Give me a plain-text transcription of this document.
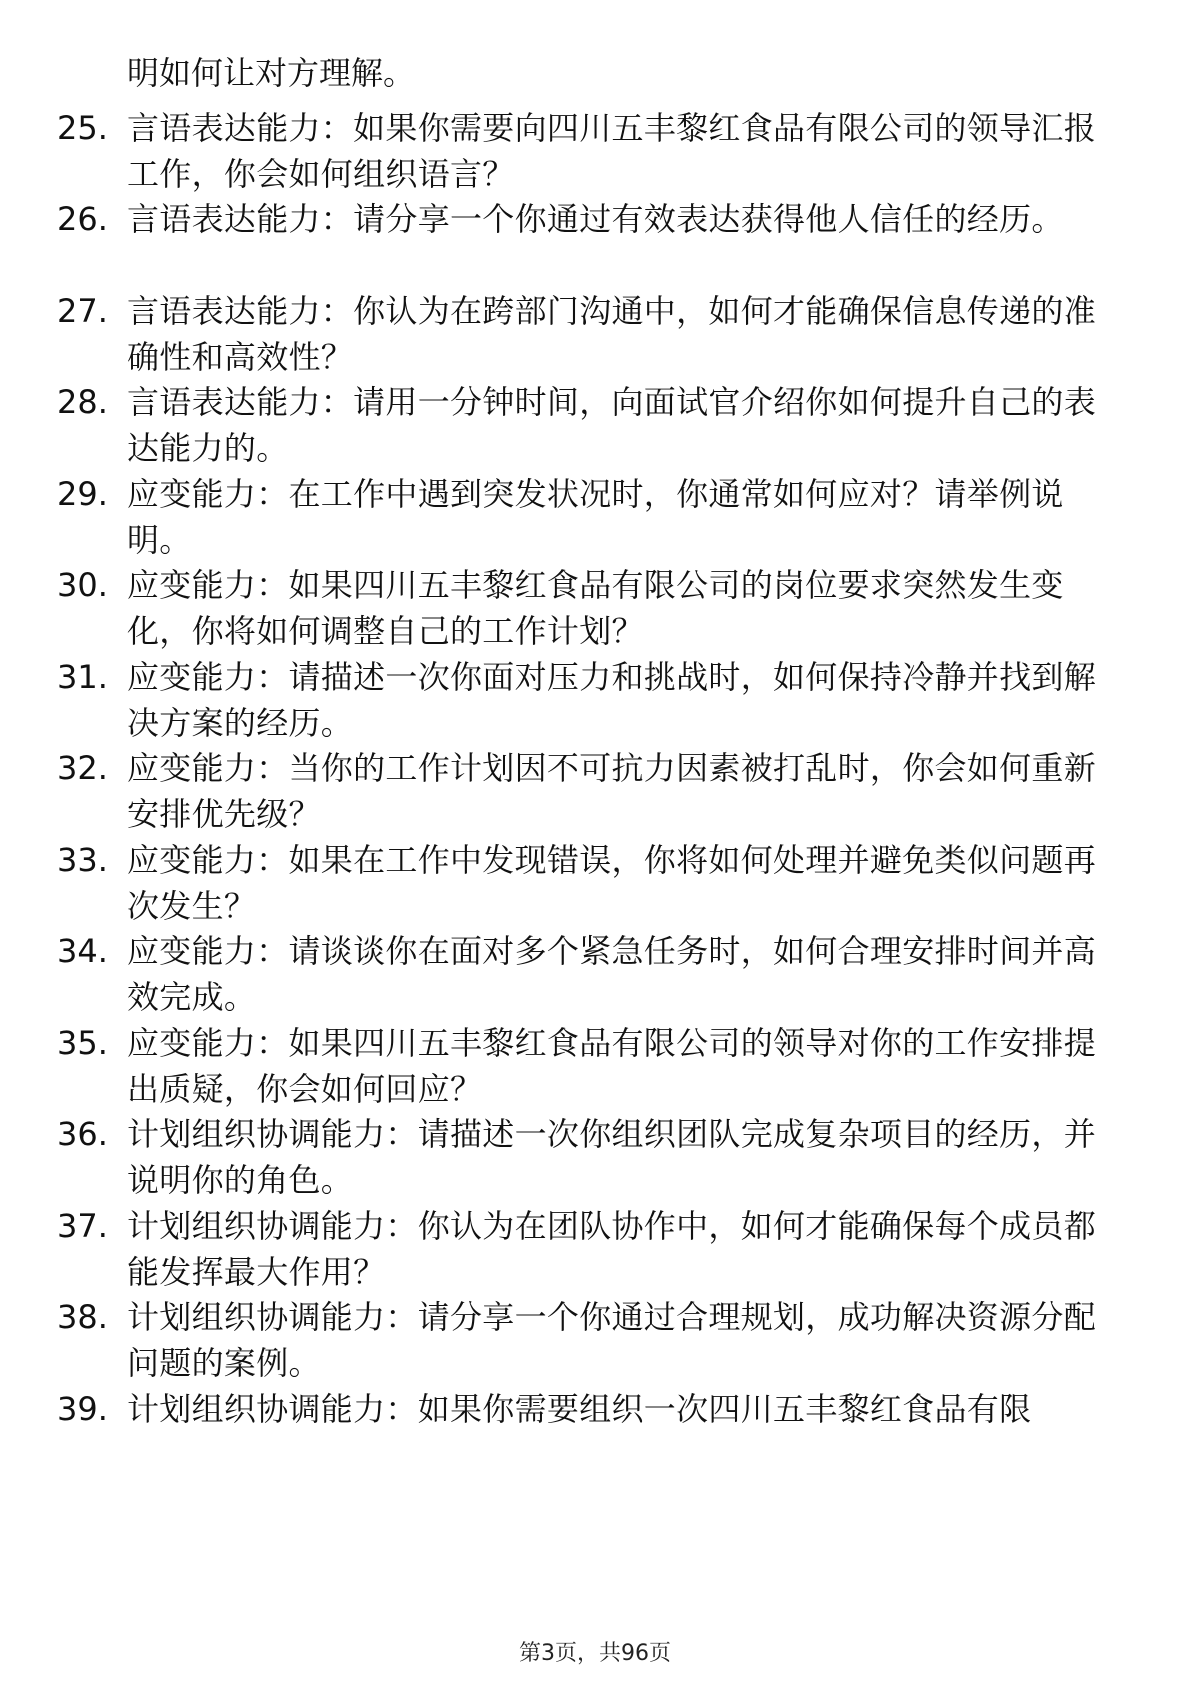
明如何让对方理解。
25. 言语表达能力：如果你需要向四川五丰黎红食品有限公司的领导汇报工作，你会如何组织语言？
26. 言语表达能力：请分享一个你通过有效表达获得他人信任的经历。
27. 言语表达能力：你认为在跨部门沟通中，如何才能确保信息传递的准确性和高效性？
28. 言语表达能力：请用一分钟时间，向面试官介绍你如何提升自己的表达能力的。
29. 应变能力：在工作中遇到突发状况时，你通常如何应对？请举例说明。
30. 应变能力：如果四川五丰黎红食品有限公司的岗位要求突然发生变化，你将如何调整自己的工作计划？
31. 应变能力：请描述一次你面对压力和挑战时，如何保持冷静并找到解决方案的经历。
32. 应变能力：当你的工作计划因不可抗力因素被打乱时，你会如何重新安排优先级？
33. 应变能力：如果在工作中发现错误，你将如何处理并避免类似问题再次发生？
34. 应变能力：请谈谈你在面对多个紧急任务时，如何合理安排时间并高效完成。
35. 应变能力：如果四川五丰黎红食品有限公司的领导对你的工作安排提出质疑，你会如何回应？
36. 计划组织协调能力：请描述一次你组织团队完成复杂项目的经历，并说明你的角色。
37. 计划组织协调能力：你认为在团队协作中，如何才能确保每个成员都能发挥最大作用？
38. 计划组织协调能力：请分享一个你通过合理规划，成功解决资源分配问题的案例。
39. 计划组织协调能力：如果你需要组织一次四川五丰黎红食品有限
第3页，共96页
